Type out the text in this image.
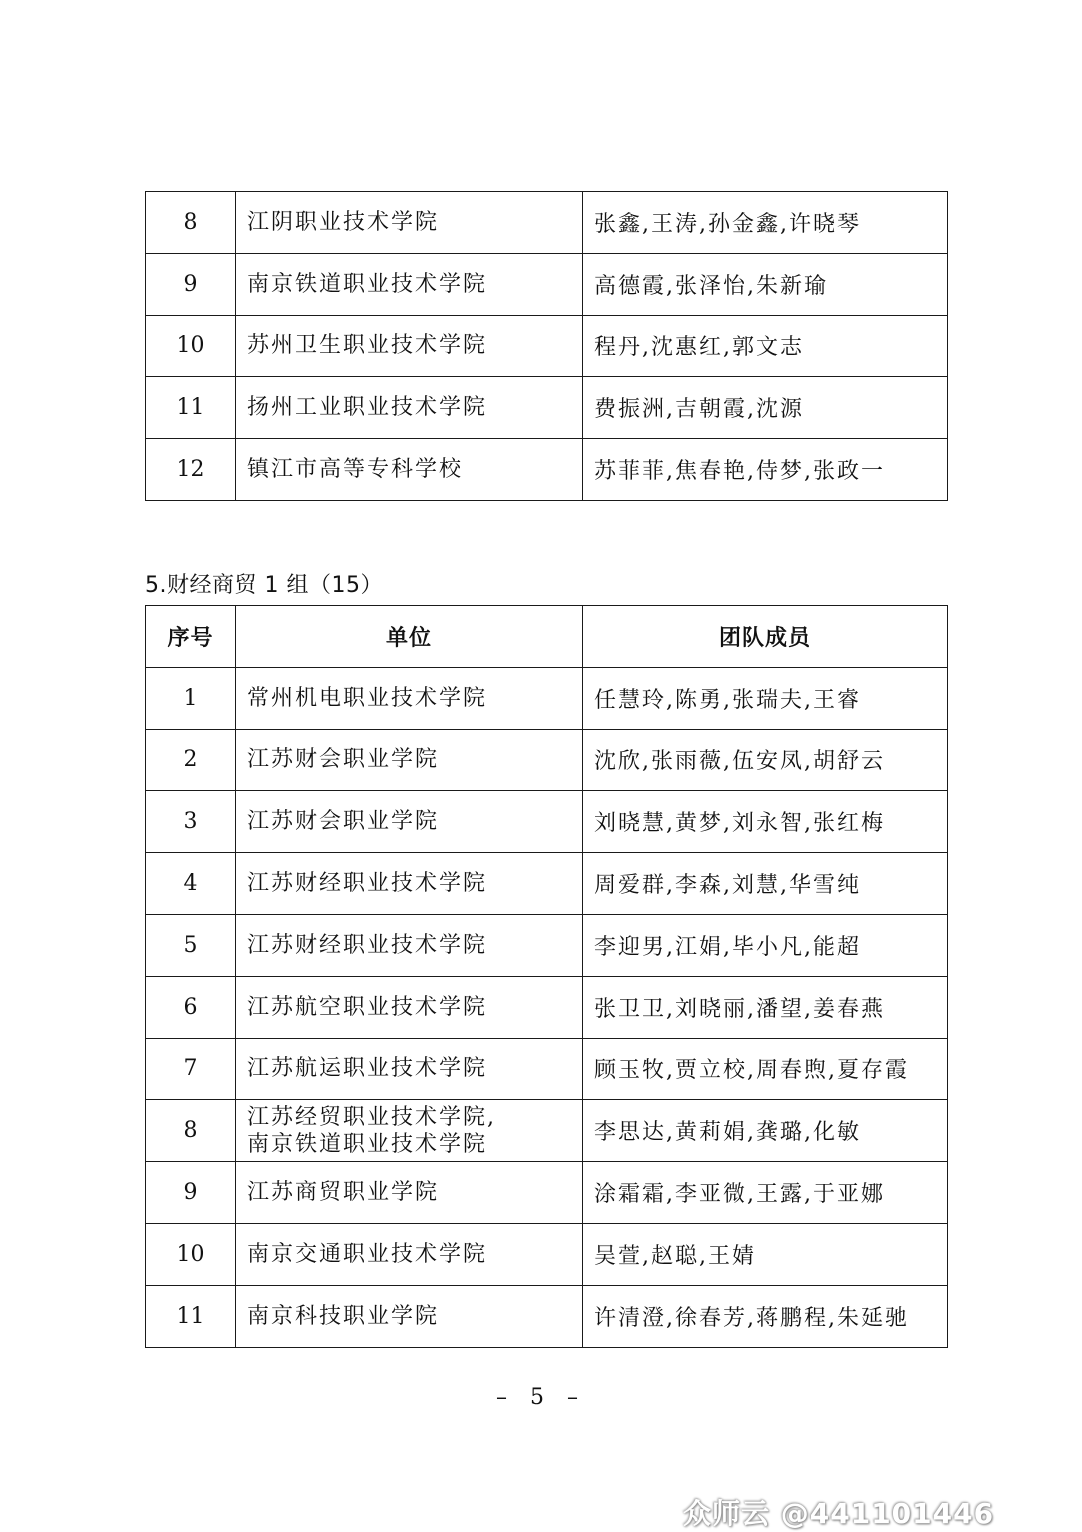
8	江阴职业技术学院	张鑫,王涛,孙金鑫,许晓琴
9	南京铁道职业技术学院	高德霞,张泽怡,朱新瑜
10	苏州卫生职业技术学院	程丹,沈惠红,郭文志
11	扬州工业职业技术学院	费振洲,吉朝霞,沈源
12	镇江市高等专科学校	苏菲菲,焦春艳,侍梦,张政一
5.财经商贸 1 组（15）
序号	单位	团队成员
1	常州机电职业技术学院	任慧玲,陈勇,张瑞夫,王睿
2	江苏财会职业学院	沈欣,张雨薇,伍安凤,胡舒云
3	江苏财会职业学院	刘晓慧,黄梦,刘永智,张红梅
4	江苏财经职业技术学院	周爱群,李森,刘慧,华雪纯
5	江苏财经职业技术学院	李迎男,江娟,毕小凡,能超
6	江苏航空职业技术学院	张卫卫,刘晓丽,潘望,姜春燕
7	江苏航运职业技术学院	顾玉牧,贾立校,周春煦,夏存霞
8	江苏经贸职业技术学院,
南京铁道职业技术学院	李思达,黄莉娟,龚璐,化敏
9	江苏商贸职业学院	涂霜霜,李亚微,王露,于亚娜
10	南京交通职业技术学院	吴萱,赵聪,王婧
11	南京科技职业学院	许清澄,徐春芳,蒋鹏程,朱延驰
– 5 –
众师云 @441101446
